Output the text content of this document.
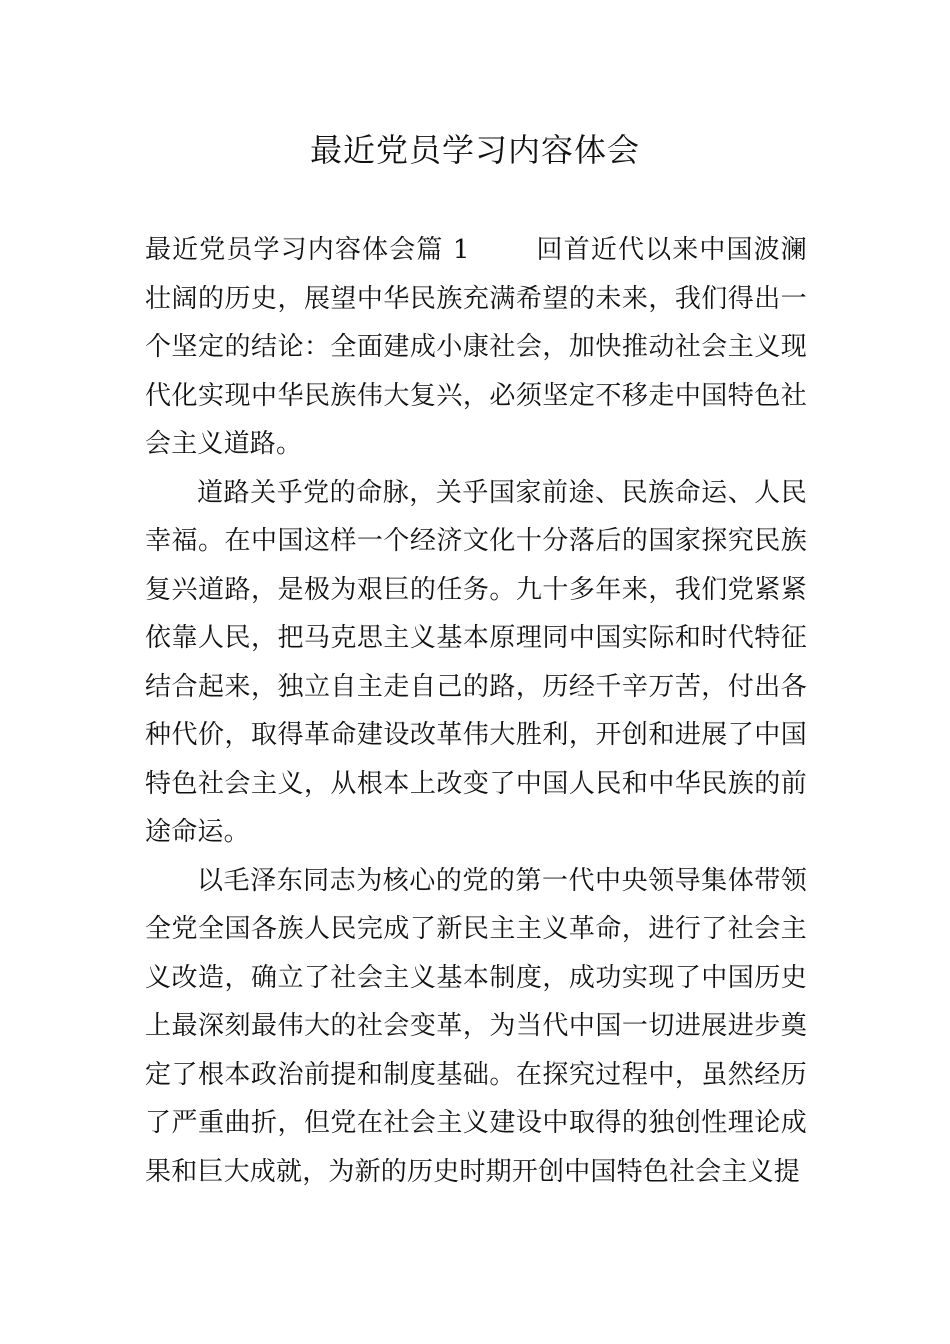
最近党员学习内容体会

最近党员学习内容体会篇 1	回首近代以来中国波澜壮阔的历史，展望中华民族充满希望的未来，我们得出一个坚定的结论：全面建成小康社会，加快推动社会主义现代化实现中华民族伟大复兴，必须坚定不移走中国特色社会主义道路。

道路关乎党的命脉，关乎国家前途、民族命运、人民幸福。在中国这样一个经济文化十分落后的国家探究民族复兴道路，是极为艰巨的任务。九十多年来，我们党紧紧依靠人民，把马克思主义基本原理同中国实际和时代特征结合起来，独立自主走自己的路，历经千辛万苦，付出各种代价，取得革命建设改革伟大胜利，开创和进展了中国特色社会主义，从根本上改变了中国人民和中华民族的前途命运。

以毛泽东同志为核心的党的第一代中央领导集体带领全党全国各族人民完成了新民主主义革命，进行了社会主义改造，确立了社会主义基本制度，成功实现了中国历史上最深刻最伟大的社会变革，为当代中国一切进展进步奠定了根本政治前提和制度基础。在探究过程中，虽然经历了严重曲折，但党在社会主义建设中取得的独创性理论成果和巨大成就，为新的历史时期开创中国特色社会主义提
